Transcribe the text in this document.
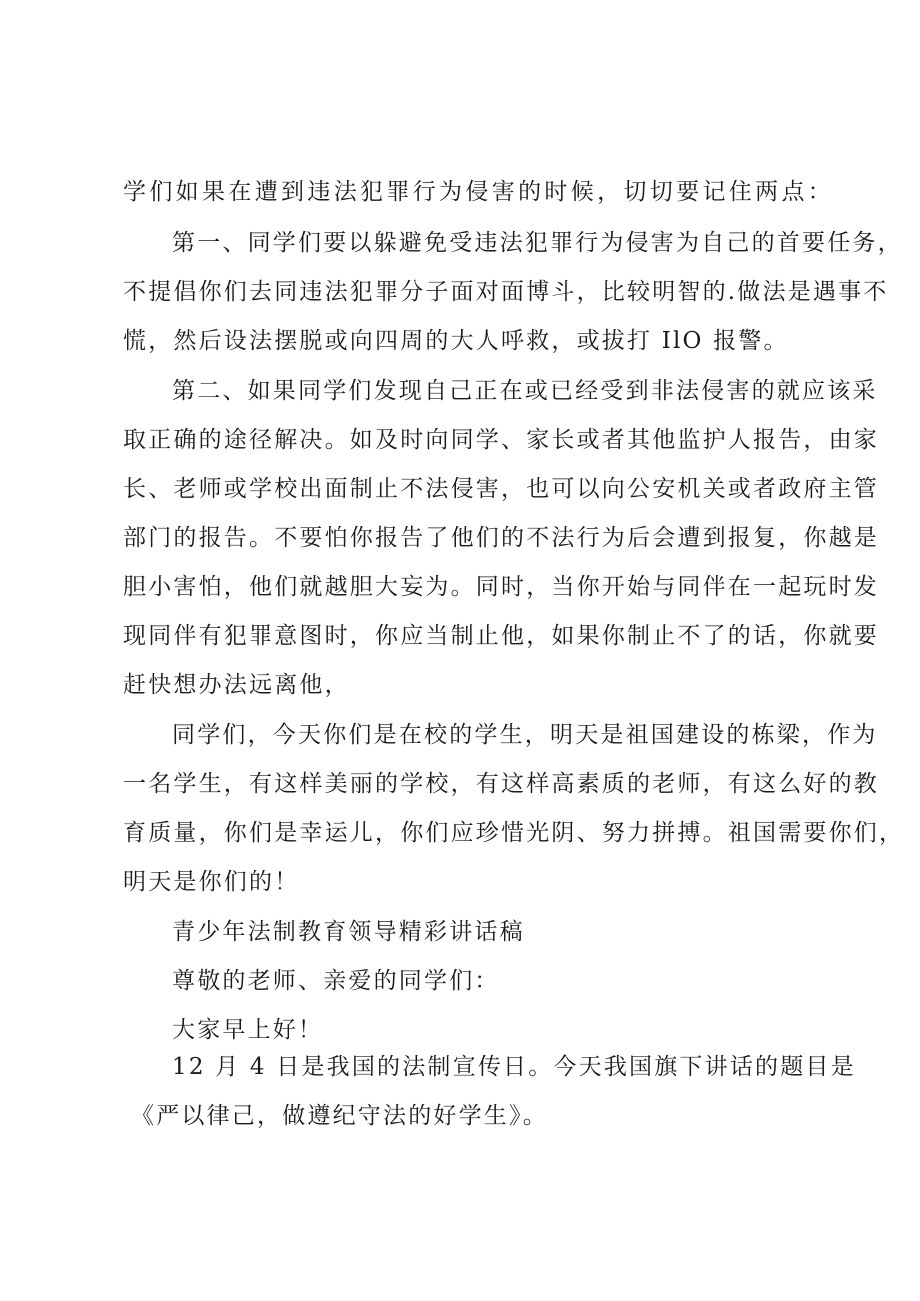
学们如果在遭到违法犯罪行为侵害的时候，切切要记住两点：
第一、同学们要以躲避免受违法犯罪行为侵害为自己的首要任务，
不提倡你们去同违法犯罪分子面对面博斗，比较明智的.做法是遇事不
慌，然后设法摆脱或向四周的大人呼救，或拔打 IlO 报警。
第二、如果同学们发现自己正在或已经受到非法侵害的就应该采
取正确的途径解决。如及时向同学、家长或者其他监护人报告，由家
长、老师或学校出面制止不法侵害，也可以向公安机关或者政府主管
部门的报告。不要怕你报告了他们的不法行为后会遭到报复，你越是
胆小害怕，他们就越胆大妄为。同时，当你开始与同伴在一起玩时发
现同伴有犯罪意图时，你应当制止他，如果你制止不了的话，你就要
赶快想办法远离他，
同学们，今天你们是在校的学生，明天是祖国建设的栋梁，作为
一名学生，有这样美丽的学校，有这样高素质的老师，有这么好的教
育质量，你们是幸运儿，你们应珍惜光阴、努力拼搏。祖国需要你们，
明天是你们的！
青少年法制教育领导精彩讲话稿
尊敬的老师、亲爱的同学们：
大家早上好！
12 月 4 日是我国的法制宣传日。今天我国旗下讲话的题目是
《严以律己，做遵纪守法的好学生》。
